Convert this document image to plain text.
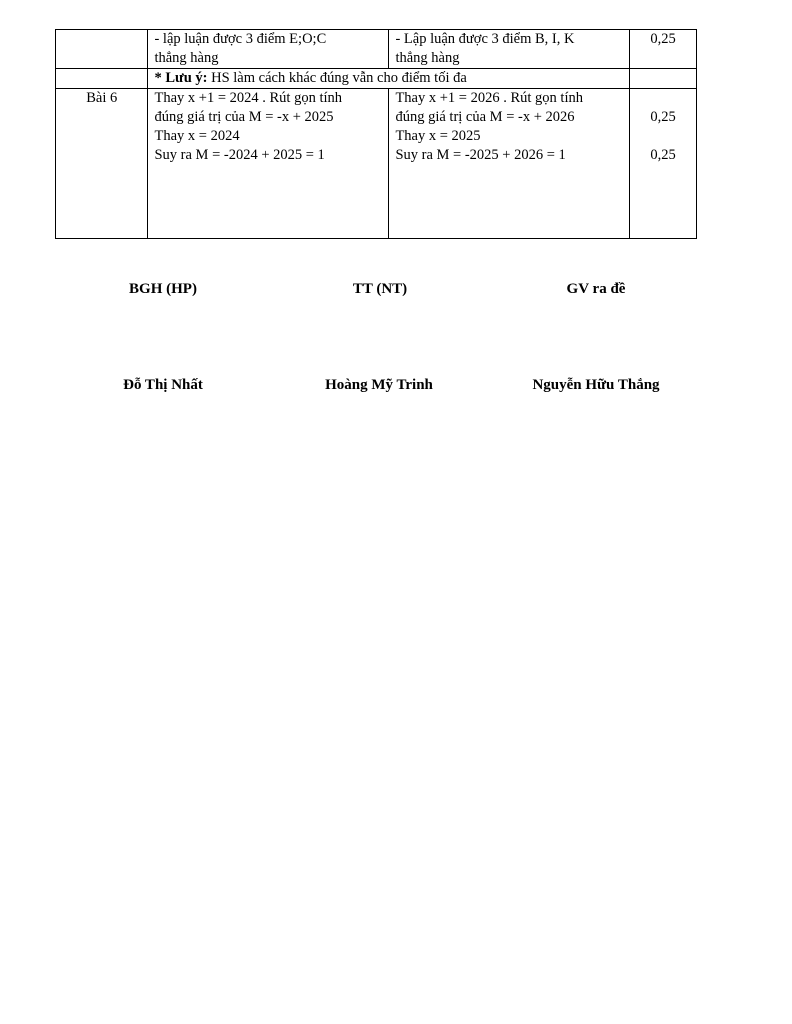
	- lập luận được 3 điểm E;O;C
thẳng hàng	- Lập luận được 3 điểm B, I, K
thẳng hàng	0,25

	* Lưu ý: HS làm cách khác đúng vẫn cho điểm tối đa		

Bài 6	Thay x +1 = 2024 . Rút gọn tính
đúng giá trị của M = -x + 2025
Thay x = 2024
Suy ra M = -2024 + 2025 = 1	Thay x +1 = 2026 . Rút gọn tính
đúng giá trị của M = -x + 2026
Thay x = 2025
Suy ra M = -2025 + 2026 = 1	0,25
0,25
BGH (HP)	TT (NT)	GV ra đề
Đỗ Thị Nhất	Hoàng Mỹ Trinh	Nguyễn Hữu Thắng
